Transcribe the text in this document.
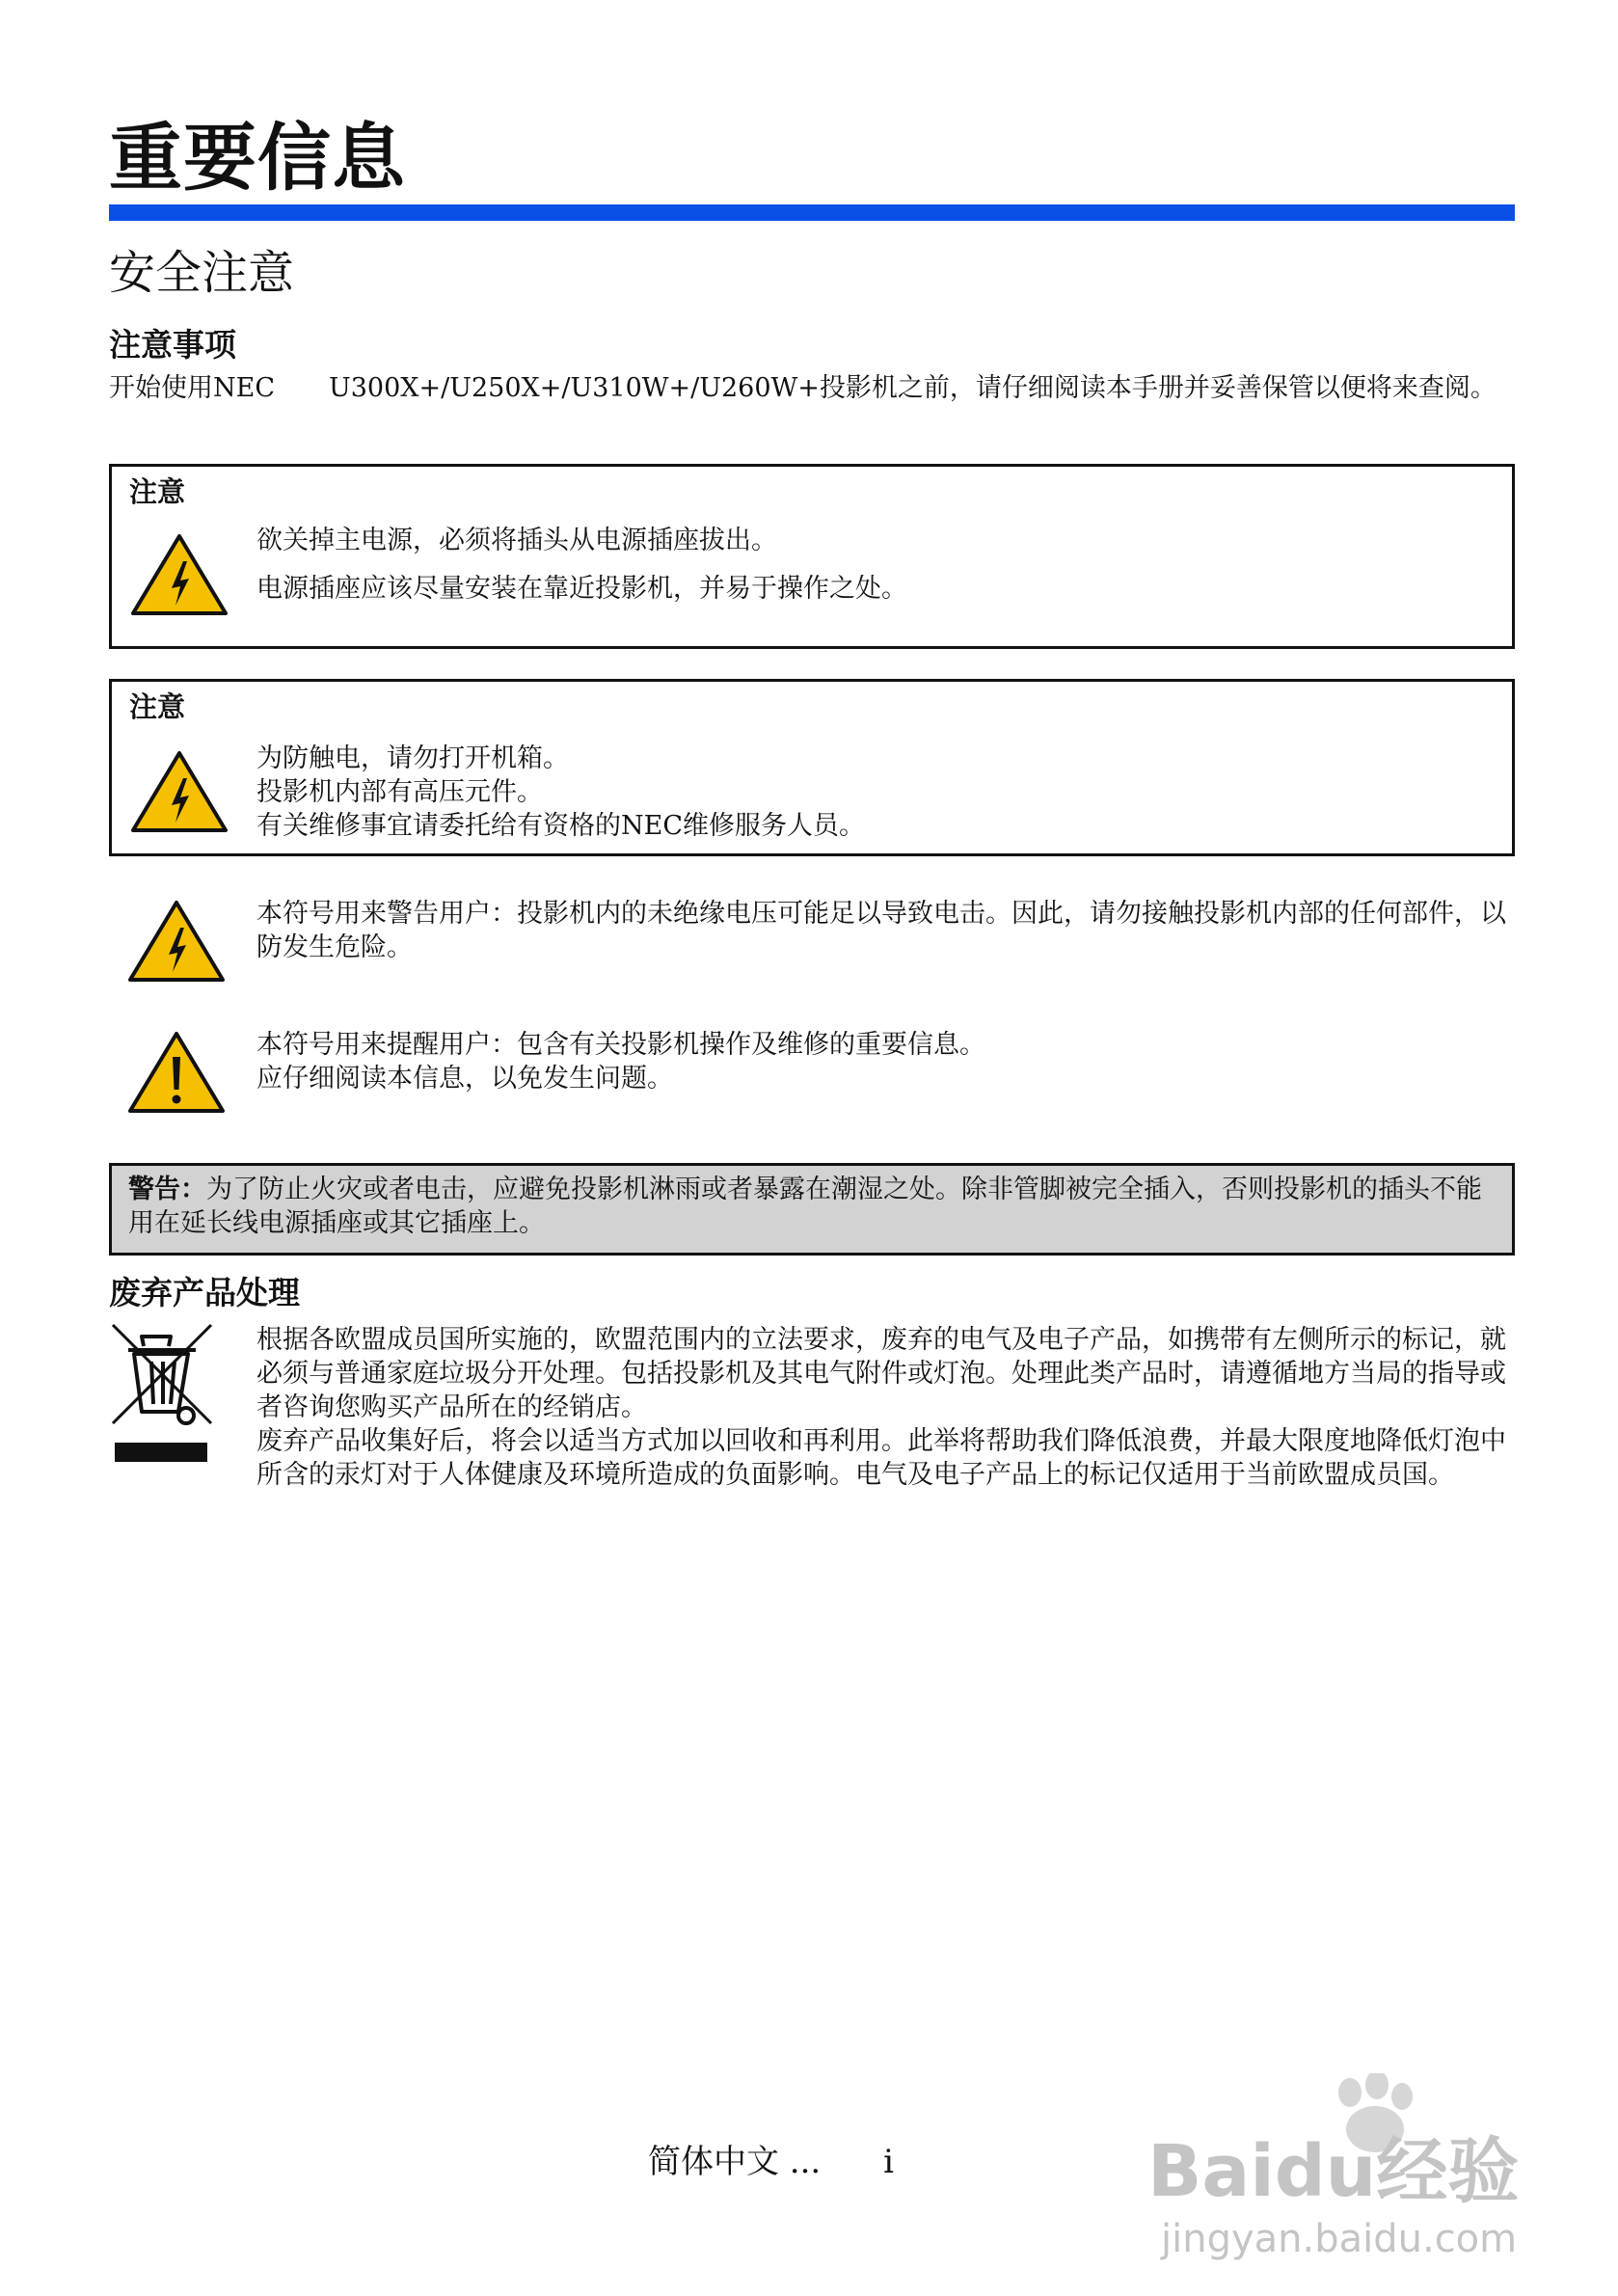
重要信息
安全注意
注意事项

开始使用NEC U300X+/U250X+/U310W+/U260W+投影机之前，请仔细阅读本手册并妥善保管以便将来查阅。

注意

欲关掉主电源，必须将插头从电源插座拔出。

电源插座应该尽量安装在靠近投影机，并易于操作之处。

注意

为防触电，请勿打开机箱。

投影机内部有高压元件。

有关维修事宜请委托给有资格的NEC维修服务人员。

本符号用来警告用户：投影机内的未绝缘电压可能足以导致电击。因此，请勿接触投影机内部的任何部件，以防发生危险。

本符号用来提醒用户：包含有关投影机操作及维修的重要信息。

应仔细阅读本信息，以免发生问题。

警告：为了防止火灾或者电击，应避免投影机淋雨或者暴露在潮湿之处。除非管脚被完全插入，否则投影机的插头不能用在延长线电源插座或其它插座上。

废弃产品处理

根据各欧盟成员国所实施的，欧盟范围内的立法要求，废弃的电气及电子产品，如携带有左侧所示的标记，就必须与普通家庭垃圾分开处理。包括投影机及其电气附件或灯泡。处理此类产品时，请遵循地方当局的指导或者咨询您购买产品所在的经销店。

废弃产品收集好后，将会以适当方式加以回收和再利用。此举将帮助我们降低浪费，并最大限度地降低灯泡中所含的汞灯对于人体健康及环境所造成的负面影响。电气及电子产品上的标记仅适用于当前欧盟成员国。

简体中文 ... i	Baidu经验
jingyan.baidu.com
